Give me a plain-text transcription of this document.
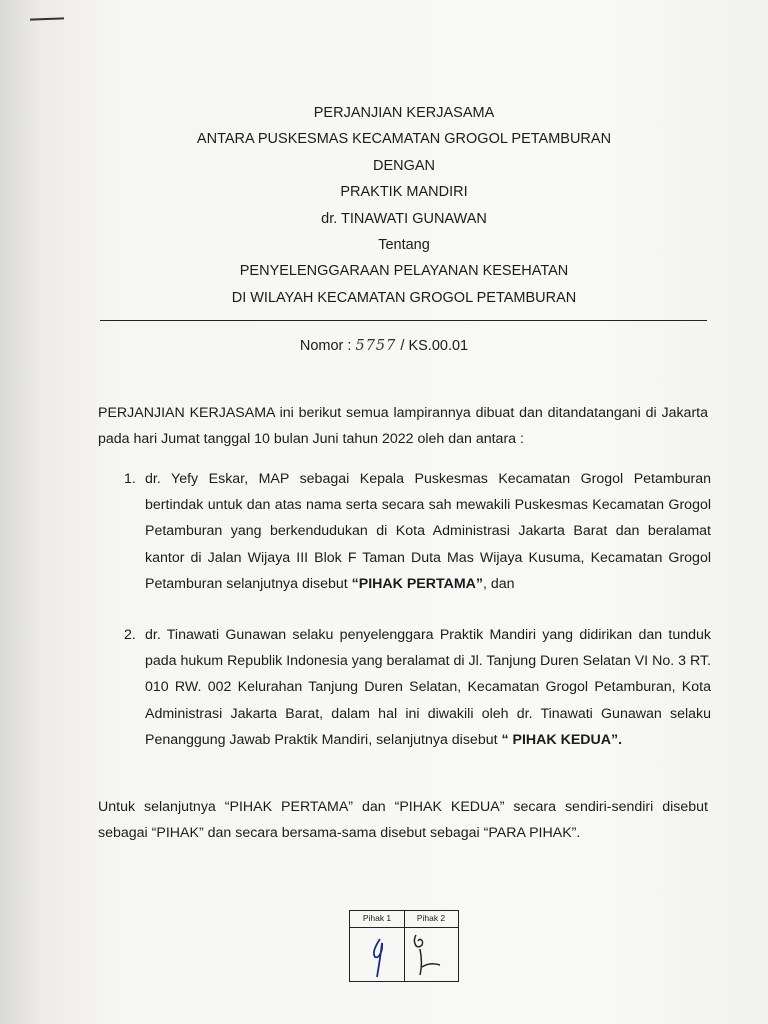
PERJANJIAN KERJASAMA
ANTARA PUSKESMAS KECAMATAN GROGOL PETAMBURAN
DENGAN
PRAKTIK MANDIRI
dr. TINAWATI GUNAWAN
Tentang
PENYELENGGARAAN PELAYANAN KESEHATAN
DI WILAYAH KECAMATAN GROGOL PETAMBURAN
Nomor : 5757 / KS.00.01
PERJANJIAN KERJASAMA ini berikut semua lampirannya dibuat dan ditandatangani di Jakarta pada hari Jumat tanggal 10 bulan Juni tahun 2022 oleh dan antara :
1. dr. Yefy Eskar, MAP sebagai Kepala Puskesmas Kecamatan Grogol Petamburan bertindak untuk dan atas nama serta secara sah mewakili Puskesmas Kecamatan Grogol Petamburan yang berkendudukan di Kota Administrasi Jakarta Barat dan beralamat kantor di Jalan Wijaya III Blok F Taman Duta Mas Wijaya Kusuma, Kecamatan Grogol Petamburan selanjutnya disebut “PIHAK PERTAMA”, dan
2. dr. Tinawati Gunawan selaku penyelenggara Praktik Mandiri yang didirikan dan tunduk pada hukum Republik Indonesia yang beralamat di Jl. Tanjung Duren Selatan VI No. 3 RT. 010 RW. 002 Kelurahan Tanjung Duren Selatan, Kecamatan Grogol Petamburan, Kota Administrasi Jakarta Barat, dalam hal ini diwakili oleh dr. Tinawati Gunawan selaku Penanggung Jawab Praktik Mandiri, selanjutnya disebut “ PIHAK KEDUA”.
Untuk selanjutnya “PIHAK PERTAMA” dan “PIHAK KEDUA” secara sendiri-sendiri disebut sebagai “PIHAK” dan secara bersama-sama disebut sebagai “PARA PIHAK”.
Pihak 1	Pihak 2
